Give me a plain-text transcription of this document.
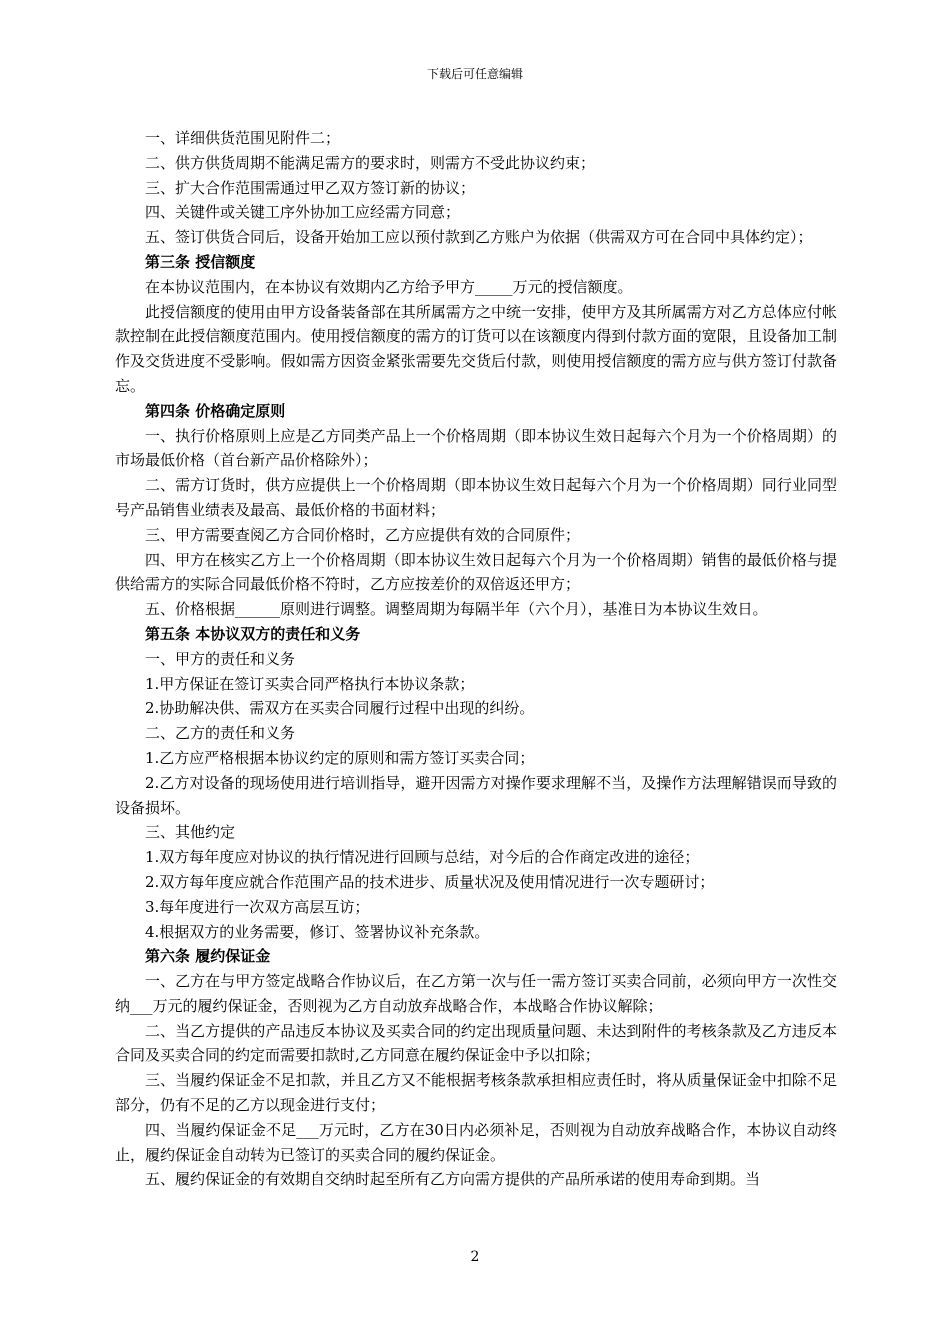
下载后可任意编辑

一、详细供货范围见附件二；

二、供方供货周期不能满足需方的要求时，则需方不受此协议约束；

三、扩大合作范围需通过甲乙双方签订新的协议；

四、关键件或关键工序外协加工应经需方同意；

五、签订供货合同后，设备开始加工应以预付款到乙方账户为依据（供需双方可在合同中具体约定）；

第三条 授信额度

在本协议范围内，在本协议有效期内乙方给予甲方_____万元的授信额度。

此授信额度的使用由甲方设备装备部在其所属需方之中统一安排，使甲方及其所属需方对乙方总体应付帐款控制在此授信额度范围内。使用授信额度的需方的订货可以在该额度内得到付款方面的宽限，且设备加工制作及交货进度不受影响。假如需方因资金紧张需要先交货后付款，则使用授信额度的需方应与供方签订付款备忘。

第四条 价格确定原则

一、执行价格原则上应是乙方同类产品上一个价格周期（即本协议生效日起每六个月为一个价格周期）的市场最低价格（首台新产品价格除外）；

二、需方订货时，供方应提供上一个价格周期（即本协议生效日起每六个月为一个价格周期）同行业同型号产品销售业绩表及最高、最低价格的书面材料；

三、甲方需要查阅乙方合同价格时，乙方应提供有效的合同原件；

四、甲方在核实乙方上一个价格周期（即本协议生效日起每六个月为一个价格周期）销售的最低价格与提供给需方的实际合同最低价格不符时，乙方应按差价的双倍返还甲方；

五、价格根据______原则进行调整。调整周期为每隔半年（六个月），基准日为本协议生效日。

第五条 本协议双方的责任和义务

一、甲方的责任和义务

1.甲方保证在签订买卖合同严格执行本协议条款；

2.协助解决供、需双方在买卖合同履行过程中出现的纠纷。

二、乙方的责任和义务

1.乙方应严格根据本协议约定的原则和需方签订买卖合同；

2.乙方对设备的现场使用进行培训指导，避开因需方对操作要求理解不当，及操作方法理解错误而导致的设备损坏。

三、其他约定

1.双方每年度应对协议的执行情况进行回顾与总结，对今后的合作商定改进的途径；

2.双方每年度应就合作范围产品的技术进步、质量状况及使用情况进行一次专题研讨；

3.每年度进行一次双方高层互访；

4.根据双方的业务需要，修订、签署协议补充条款。

第六条 履约保证金

一、乙方在与甲方签定战略合作协议后，在乙方第一次与任一需方签订买卖合同前，必须向甲方一次性交纳___万元的履约保证金，否则视为乙方自动放弃战略合作，本战略合作协议解除；

二、当乙方提供的产品违反本协议及买卖合同的约定出现质量问题、未达到附件的考核条款及乙方违反本合同及买卖合同的约定而需要扣款时,乙方同意在履约保证金中予以扣除；

三、当履约保证金不足扣款，并且乙方又不能根据考核条款承担相应责任时，将从质量保证金中扣除不足部分，仍有不足的乙方以现金进行支付；

四、当履约保证金不足___万元时，乙方在30日内必须补足，否则视为自动放弃战略合作，本协议自动终止，履约保证金自动转为已签订的买卖合同的履约保证金。

五、履约保证金的有效期自交纳时起至所有乙方向需方提供的产品所承诺的使用寿命到期。当

2
